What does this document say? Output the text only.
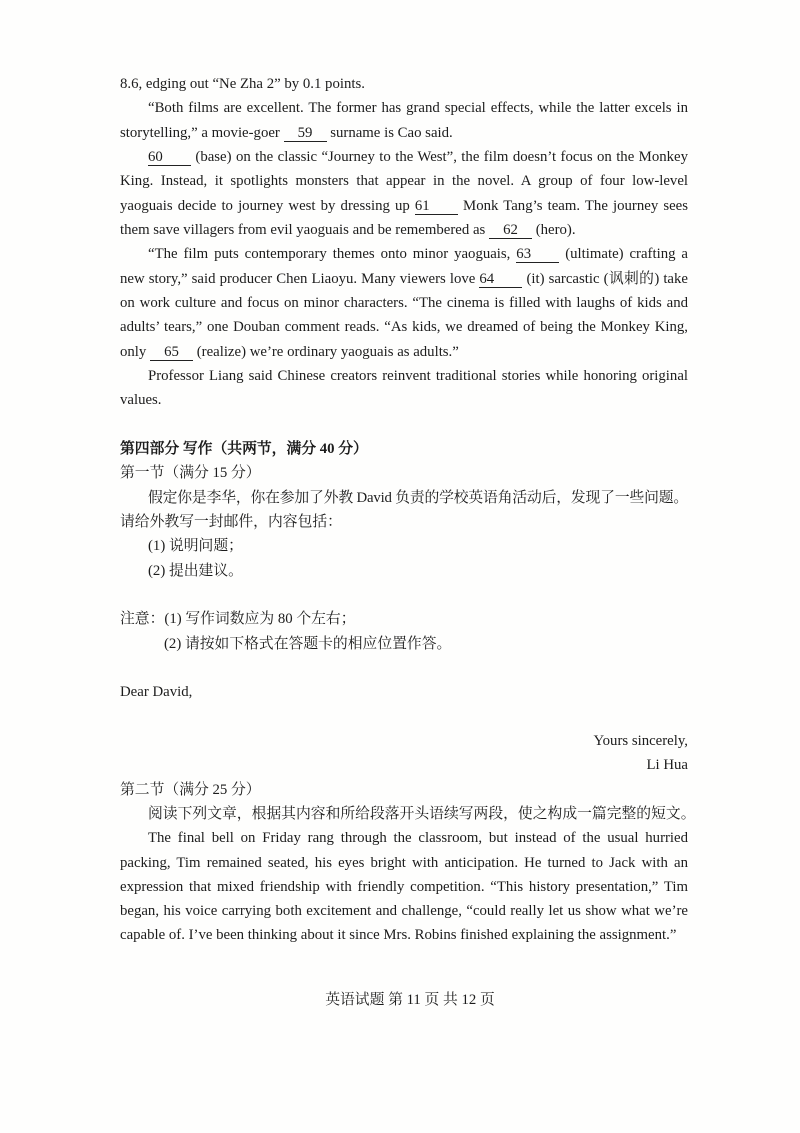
8.6, edging out “Ne Zha 2” by 0.1 points.
“Both films are excellent. The former has grand special effects, while the latter excels in
storytelling,” a movie-goer 59 surname is Cao said.
60 (base) on the classic “Journey to the West”, the film doesn’t focus on the Monkey
King. Instead, it spotlights monsters that appear in the novel. A group of four low-level
yaoguais decide to journey west by dressing up 61 Monk Tang’s team. The journey sees
them save villagers from evil yaoguais and be remembered as 62 (hero).
“The film puts contemporary themes onto minor yaoguais, 63 (ultimate) crafting a
new story,” said producer Chen Liaoyu. Many viewers love 64 (it) sarcastic (讽刺的) take
on work culture and focus on minor characters. “The cinema is filled with laughs of kids and
adults’ tears,” one Douban comment reads. “As kids, we dreamed of being the Monkey King,
only 65 (realize) we’re ordinary yaoguais as adults.”
Professor Liang said Chinese creators reinvent traditional stories while honoring original
values.
第四部分 写作（共两节，满分 40 分）
第一节（满分 15 分）
假定你是李华，你在参加了外教 David 负责的学校英语角活动后，发现了一些问题。
请给外教写一封邮件，内容包括：
(1) 说明问题；
(2) 提出建议。
注意：(1) 写作词数应为 80 个左右；
(2) 请按如下格式在答题卡的相应位置作答。
Dear David,
Yours sincerely,
Li Hua
第二节（满分 25 分）
阅读下列文章，根据其内容和所给段落开头语续写两段，使之构成一篇完整的短文。
The final bell on Friday rang through the classroom, but instead of the usual hurried
packing, Tim remained seated, his eyes bright with anticipation. He turned to Jack with an
expression that mixed friendship with friendly competition. “This history presentation,” Tim
began, his voice carrying both excitement and challenge, “could really let us show what we’re
capable of. I’ve been thinking about it since Mrs. Robins finished explaining the assignment.”
英语试题 第 11 页 共 12 页
